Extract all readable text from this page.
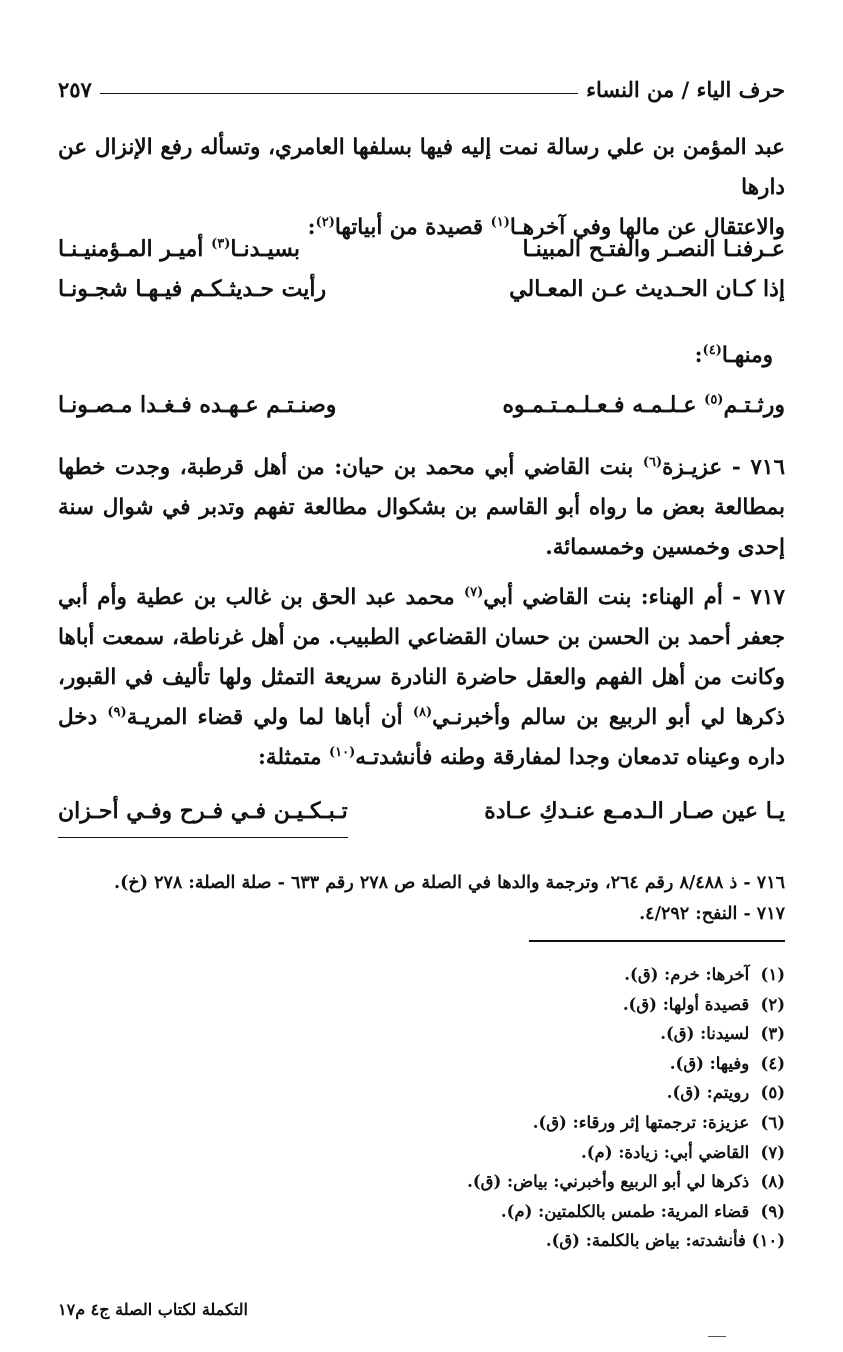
حرف الياء / من النساء
٢٥٧
عبد المؤمن بن علي رسالة نمت إليه فيها بسلفها العامري، وتسأله رفع الإنزال عن دارها
والاعتقال عن مالها وفي آخرهـا$^{(١)}$ قصيدة من أبياتها$^{(٢)}$:
عـرفنـا النصـر والفتـح المبينـا
بسيـدنـا$^{(٣)}$ أميـر المـؤمنيـنـا
إذا كـان الحـديث عـن المعـالي
رأيت حـديثـكـم فيـهـا شجـونـا
ومنهـا$^{(٤)}$:
ورثـتـم$^{(٥)}$ عـلـمـه فـعـلـمـتـمـوه
وصنـتـم عـهـده فـغـدا مـصـونـا
٧١٦ - عزيـزة$^{(٦)}$ بنت القاضي أبي محمد بن حيان: من أهل قرطبة، وجدت خطها بمطالعة بعض ما رواه أبو القاسم بن بشكوال مطالعة تفهم وتدبر في شوال سنة إحدى وخمسين وخمسمائة.
٧١٧ - أم الهناء: بنت القاضي أبي$^{(٧)}$ محمد عبد الحق بن غالب بن عطية وأم أبي جعفر أحمد بن الحسن بن حسان القضاعي الطبيب. من أهل غرناطة، سمعت أباها وكانت من أهل الفهم والعقل حاضرة النادرة سريعة التمثل ولها تأليف في القبور، ذكرها لي أبو الربيع بن سالم وأخبرنـي$^{(٨)}$ أن أباها لما ولي قضاء المريـة$^{(٩)}$ دخل داره وعيناه تدمعان وجدا لمفارقة وطنه فأنشدتـه$^{(١٠)}$ متمثلة:
يـا عين صـار الـدمـع عنـدكِ عـادة
تـبـكـيـن فـي فـرح وفـي أحـزان
٧١٦ - ذ ٨/٤٨٨ رقم ٢٦٤، وترجمة والدها في الصلة ص ٢٧٨ رقم ٦٣٣ - صلة الصلة: ٢٧٨ (خ).
٧١٧ - النفح: ٤/٢٩٢.
(١) آخرها: خرم: (ق).
(٢) قصيدة أولها: (ق).
(٣) لسيدنا: (ق).
(٤) وفيها: (ق).
(٥) رويتم: (ق).
(٦) عزيزة: ترجمتها إثر ورقاء: (ق).
(٧) القاضي أبي: زيادة: (م).
(٨) ذكرها لي أبو الربيع وأخبرني: بياض: (ق).
(٩) قضاء المرية: طمس بالكلمتين: (م).
(١٠) فأنشدته: بياض بالكلمة: (ق).
التكملة لكتاب الصلة ج٤ م١٧
